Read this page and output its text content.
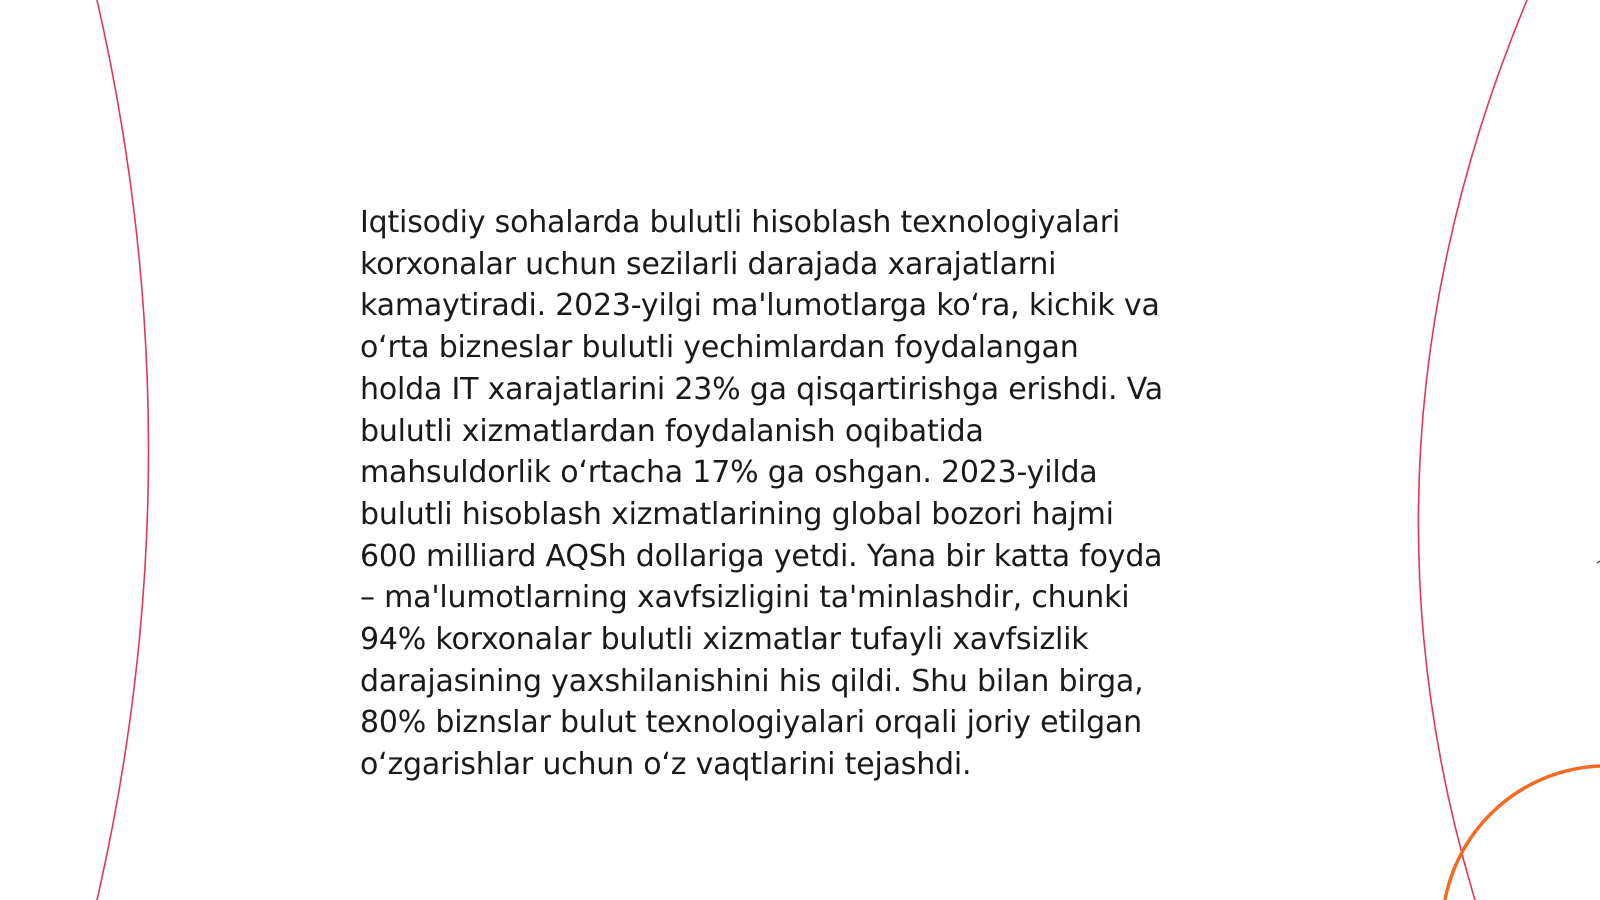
Iqtisodiy sohalarda bulutli hisoblash texnologiyalari
korxonalar uchun sezilarli darajada xarajatlarni
kamaytiradi. 2023-yilgi ma'lumotlarga koʻra, kichik va
oʻrta bizneslar bulutli yechimlardan foydalangan
holda IT xarajatlarini 23% ga qisqartirishga erishdi. Va
bulutli xizmatlardan foydalanish oqibatida
mahsuldorlik oʻrtacha 17% ga oshgan. 2023-yilda
bulutli hisoblash xizmatlarining global bozori hajmi
600 milliard AQSh dollariga yetdi. Yana bir katta foyda
– ma'lumotlarning xavfsizligini ta'minlashdir, chunki
94% korxonalar bulutli xizmatlar tufayli xavfsizlik
darajasining yaxshilanishini his qildi. Shu bilan birga,
80% biznslar bulut texnologiyalari orqali joriy etilgan
oʻzgarishlar uchun oʻz vaqtlarini tejashdi.
